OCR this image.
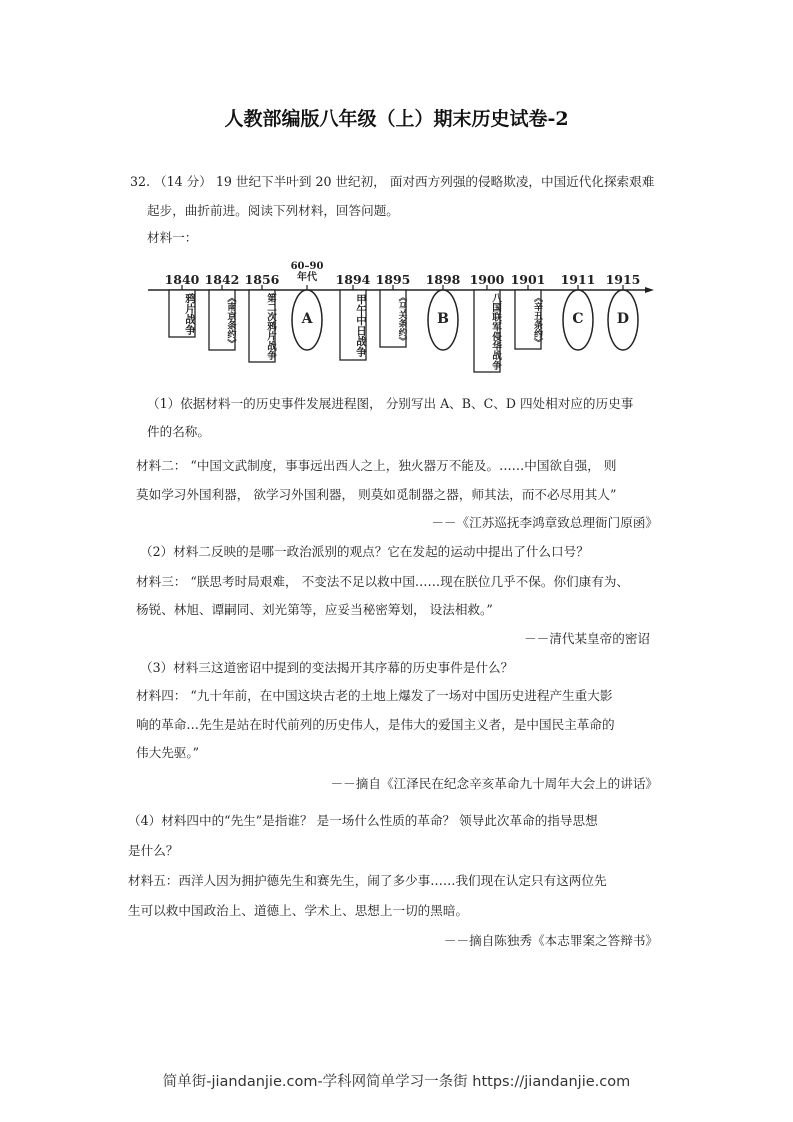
人教部编版八年级（上）期末历史试卷-2
32. （14 分） 19 世纪下半叶到 20 世纪初， 面对西方列强的侵略欺凌，中国近代化探索艰难
起步，曲折前进。阅读下列材料，回答问题。
材料一：
1840
鸦片战争
1842
《南京条约》
1856
第二次鸦片战争
60–90年代
A
1894
甲午中日战争
1895
《马关条约》
1898
B
1900
八国联军侵华战争
1901
《辛丑条约》
1911
C
1915
D
（1）依据材料一的历史事件发展进程图， 分别写出 A、B、C、D 四处相对应的历史事
件的名称。
材料二： “中国文武制度，事事远出西人之上，独火器万不能及。……中国欲自强， 则
莫如学习外国利器， 欲学习外国利器， 则莫如觅制器之器，师其法，而不必尽用其人”
－－《江苏巡抚李鸿章致总理衙门原函》
（2）材料二反映的是哪一政治派别的观点？它在发起的运动中提出了什么口号？
材料三： “朕思考时局艰难， 不变法不足以救中国……现在朕位几乎不保。你们康有为、
杨锐、林旭、谭嗣同、刘光第等，应妥当秘密筹划， 设法相救。”
－－清代某皇帝的密诏
（3）材料三这道密诏中提到的变法揭开其序幕的历史事件是什么？
材料四： “九十年前，在中国这块古老的土地上爆发了一场对中国历史进程产生重大影
响的革命…先生是站在时代前列的历史伟人，是伟大的爱国主义者，是中国民主革命的
伟大先驱。”
－－摘自《江泽民在纪念辛亥革命九十周年大会上的讲话》
（4）材料四中的“先生”是指谁？ 是一场什么性质的革命？ 领导此次革命的指导思想
是什么？
材料五：西洋人因为拥护德先生和赛先生，闹了多少事……我们现在认定只有这两位先
生可以救中国政治上、道德上、学术上、思想上一切的黑暗。
－－摘自陈独秀《本志罪案之答辩书》
简单街-jiandanjie.com-学科网简单学习一条街 https://jiandanjie.com
